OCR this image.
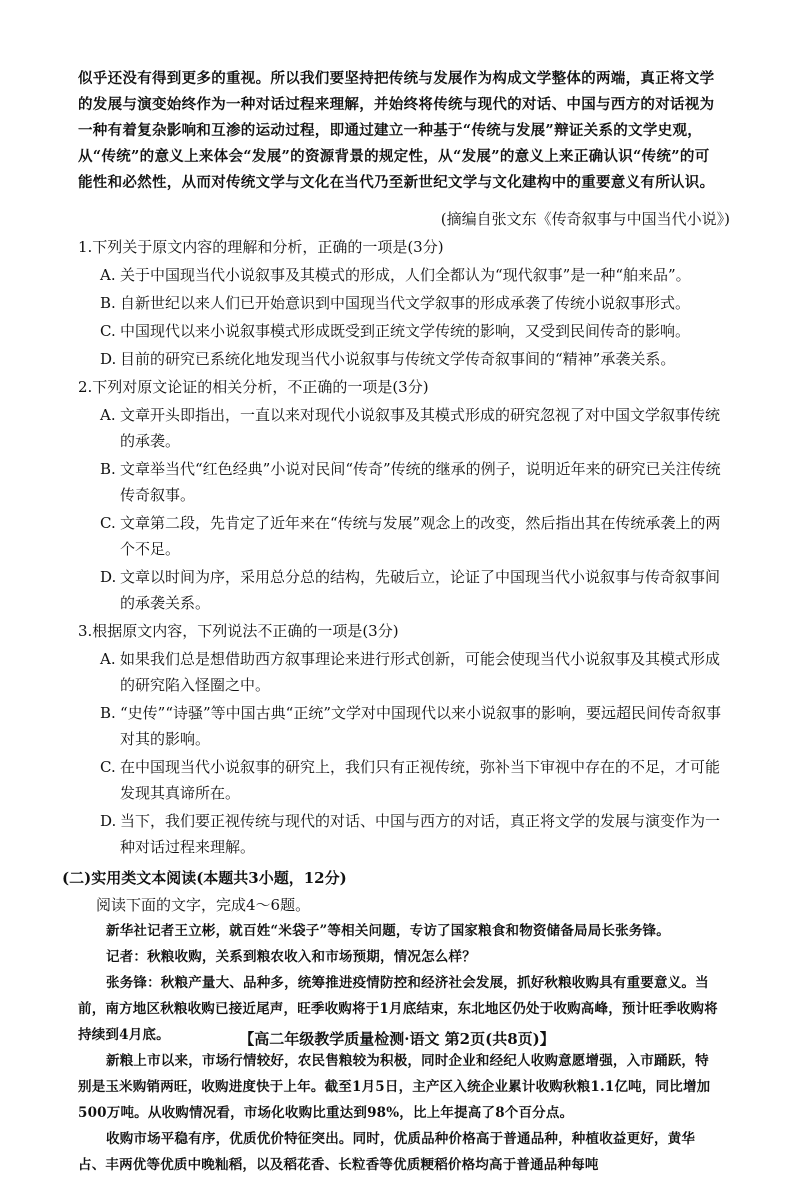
似乎还没有得到更多的重视。所以我们要坚持把传统与发展作为构成文学整体的两端，真正将文学的发展与演变始终作为一种对话过程来理解，并始终将传统与现代的对话、中国与西方的对话视为一种有着复杂影响和互渗的运动过程，即通过建立一种基于“传统与发展”辩证关系的文学史观，从“传统”的意义上来体会“发展”的资源背景的规定性，从“发展”的意义上来正确认识“传统”的可能性和必然性，从而对传统文学与文化在当代乃至新世纪文学与文化建构中的重要意义有所认识。

(摘编自张文东《传奇叙事与中国当代小说》)
1.下列关于原文内容的理解和分析，正确的一项是(3分)
A. 关于中国现当代小说叙事及其模式的形成，人们全都认为“现代叙事”是一种“舶来品”。
B. 自新世纪以来人们已开始意识到中国现当代文学叙事的形成承袭了传统小说叙事形式。
C. 中国现代以来小说叙事模式形成既受到正统文学传统的影响，又受到民间传奇的影响。
D. 目前的研究已系统化地发现当代小说叙事与传统文学传奇叙事间的“精神”承袭关系。
2.下列对原文论证的相关分析，不正确的一项是(3分)
A. 文章开头即指出，一直以来对现代小说叙事及其模式形成的研究忽视了对中国文学叙事传统的承袭。
B. 文章举当代“红色经典”小说对民间“传奇”传统的继承的例子，说明近年来的研究已关注传统传奇叙事。
C. 文章第二段，先肯定了近年来在“传统与发展”观念上的改变，然后指出其在传统承袭上的两个不足。
D. 文章以时间为序，采用总分总的结构，先破后立，论证了中国现当代小说叙事与传奇叙事间的承袭关系。
3.根据原文内容，下列说法不正确的一项是(3分)
A. 如果我们总是想借助西方叙事理论来进行形式创新，可能会使现当代小说叙事及其模式形成的研究陷入怪圈之中。
B. “史传”“诗骚”等中国古典“正统”文学对中国现代以来小说叙事的影响，要远超民间传奇叙事对其的影响。
C. 在中国现当代小说叙事的研究上，我们只有正视传统，弥补当下审视中存在的不足，才可能发现其真谛所在。
D. 当下，我们要正视传统与现代的对话、中国与西方的对话，真正将文学的发展与演变作为一种对话过程来理解。
(二)实用类文本阅读(本题共3小题，12分)
阅读下面的文字，完成4～6题。

新华社记者王立彬，就百姓“米袋子”等相关问题，专访了国家粮食和物资储备局局长张务锋。

记者：秋粮收购，关系到粮农收入和市场预期，情况怎么样？

张务锋：秋粮产量大、品种多，统筹推进疫情防控和经济社会发展，抓好秋粮收购具有重要意义。当前，南方地区秋粮收购已接近尾声，旺季收购将于1月底结束，东北地区仍处于收购高峰，预计旺季收购将持续到4月底。

新粮上市以来，市场行情较好，农民售粮较为积极，同时企业和经纪人收购意愿增强，入市踊跃，特别是玉米购销两旺，收购进度快于上年。截至1月5日，主产区入统企业累计收购秋粮1.1亿吨，同比增加500万吨。从收购情况看，市场化收购比重达到98%，比上年提高了8个百分点。

收购市场平稳有序，优质优价特征突出。同时，优质品种价格高于普通品种，种植收益更好，黄华占、丰两优等优质中晚籼稻，以及稻花香、长粒香等优质粳稻价格均高于普通品种每吨

【高二年级教学质量检测·语文 第2页(共8页)】
